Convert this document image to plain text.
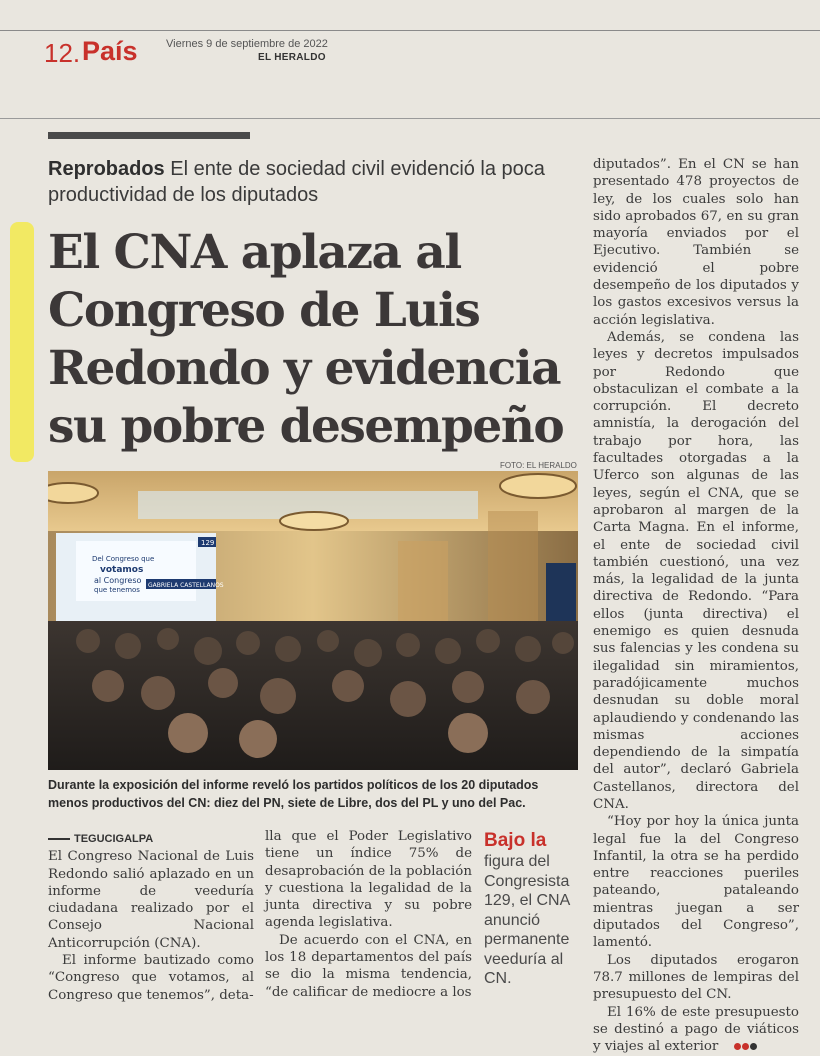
12. País	Viernes 9 de septiembre de 2022
EL HERALDO
Reprobados El ente de sociedad civil evidenció la poca productividad de los diputados
El CNA aplaza al Congreso de Luis Redondo y evidencia su pobre desempeño
FOTO: EL HERALDO
Del Congreso que
votamos
al Congreso
que tenemos
GABRIELA CASTELLANOS
129
Durante la exposición del informe reveló los partidos políticos de los 20 diputados menos productivos del CN: diez del PN, siete de Libre, dos del PL y uno del Pac.
TEGUCIGALPA

El Congreso Nacional de Luis Redondo salió aplazado en un informe de veeduría ciudadana realizado por el Consejo Nacional Anticorrupción (CNA).

El informe bautizado como “Congreso que votamos, al Congreso que tenemos”, deta-

lla que el Poder Legislativo tiene un índice 75% de desaprobación de la población y cuestiona la legalidad de la junta directiva y su pobre agenda legislativa.

De acuerdo con el CNA, en los 18 departamentos del país se dio la misma tendencia, “de calificar de mediocre a los

Bajo la
figura del Congresista 129, el CNA anunció permanente veeduría al CN.

diputados”. En el CN se han presentado 478 proyectos de ley, de los cuales solo han sido aprobados 67, en su gran mayoría enviados por el Ejecutivo. También se evidenció el pobre desempeño de los diputados y los gastos excesivos versus la acción legislativa.

Además, se condena las leyes y decretos impulsados por Redondo que obstaculizan el combate a la corrupción. El decreto amnistía, la derogación del trabajo por hora, las facultades otorgadas a la Uferco son algunas de las leyes, según el CNA, que se aprobaron al margen de la Carta Magna. En el informe, el ente de sociedad civil también cuestionó, una vez más, la legalidad de la junta directiva de Redondo. “Para ellos (junta directiva) el enemigo es quien desnuda sus falencias y les condena su ilegalidad sin miramientos, paradójicamente muchos desnudan su doble moral aplaudiendo y condenando las mismas acciones dependiendo de la simpatía del autor”, declaró Gabriela Castellanos, directora del CNA.

“Hoy por hoy la única junta legal fue la del Congreso Infantil, la otra se ha perdido entre reacciones pueriles pateando, pataleando mientras juegan a ser diputados del Congreso”, lamentó.

Los diputados erogaron 78.7 millones de lempiras del presupuesto del CN.

El 16% de este presupuesto se destinó a pago de viáticos y viajes al exterior
